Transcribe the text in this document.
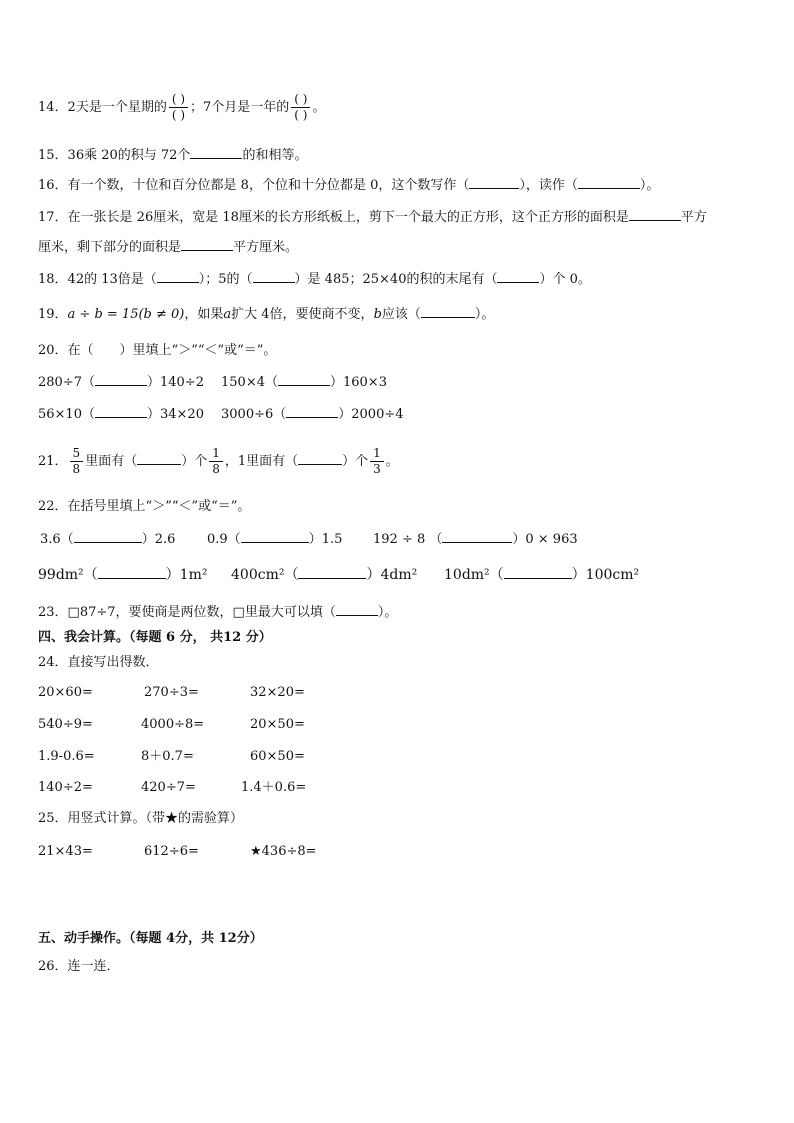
14．2天是一个星期的 $\frac{( )}{( )}$ ；7个月是一年的 $\frac{( )}{( )}$ 。
15．36乘 20的积与 72个	的和相等。
16．有一个数，十位和百分位都是 8，个位和十分位都是 0，这个数写作（	），读作（	）。
17．在一张长是 26厘米，宽是 18厘米的长方形纸板上，剪下一个最大的正方形，这个正方形的面积是	平方
厘米，剩下部分的面积是	平方厘米。
18．42的 13倍是（	）；5的（	）是 485；25×40的积的末尾有（	）个 0。
19．a ÷ b = 15(b ≠ 0)，如果a扩大 4倍，要使商不变，b应该（	）。
20．在（　　）里填上“＞”“＜”或“＝”。
280÷7（	）140÷2 150×4（	）160×3
56×10（	）34×20 3000÷6（	）2000÷4
21． $\frac{5}{8}$ 里面有（	）个 $\frac{1}{8}$ ，1里面有（	）个 $\frac{1}{3}$ 。
22．在括号里填上“＞”“＜”或“＝”。
3.6（	）2.6 0.9（	）1.5 192 ÷ 8 （	）0 × 963
99dm²（	）1m² 400cm²（	）4dm² 10dm²（	）100cm²
23．□87÷7，要使商是两位数，□里最大可以填（	）。
四、我会计算。（每题 6 分， 共12 分）
24．直接写出得数．
20×60=	270÷3=	32×20=
540÷9=	4000÷8=	20×50=
1.9-0.6=	8＋0.7=	60×50=
140÷2=	420÷7=	1.4＋0.6=
25．用竖式计算。（带★的需验算）
21×43=	612÷6=	★436÷8=
五、动手操作。（每题 4分，共 12分）
26．连一连．
